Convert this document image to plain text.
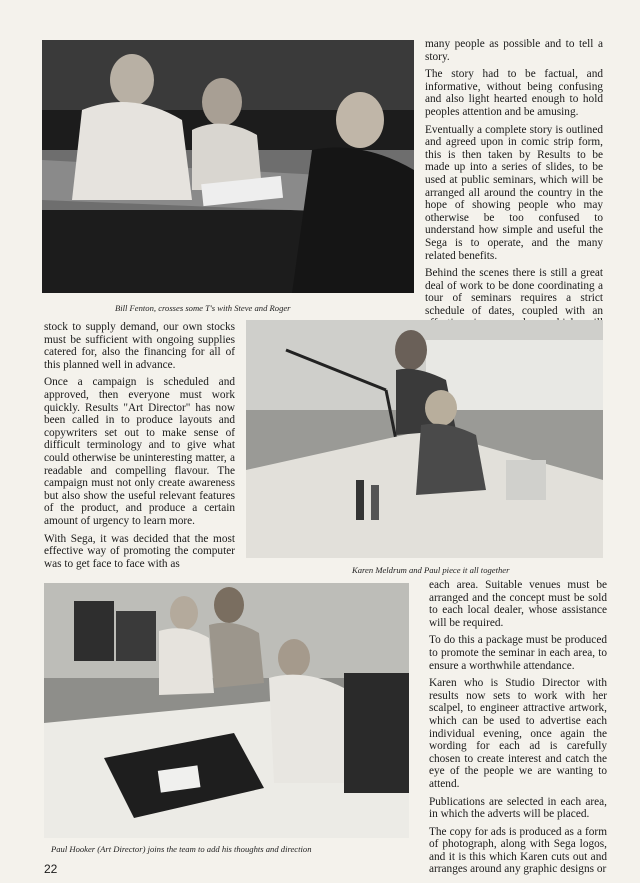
Bill Fenton, crosses some T's with Steve and Roger

many people as possible and to tell a story.

The story had to be factual, and informative, without being confusing and also light hearted enough to hold peoples attention and be amusing.

Eventually a complete story is outlined and agreed upon in comic strip form, this is then taken by Results to be made up into a series of slides, to be used at public seminars, which will be arranged all around the country in the hope of showing people who may otherwise be too confused to understand how simple and useful the Sega is to operate, and the many related benefits.

Behind the scenes there is still a great deal of work to be done coordinating a tour of seminars requires a strict schedule of dates, coupled with an

stock to supply demand, our own stocks must be sufficient with ongoing supplies catered for, also the financing for all of this planned well in advance.

Once a campaign is scheduled and approved, then everyone must work quickly. Results "Art Director" has now been called in to produce layouts and copywriters set out to make sense of difficult terminology and to give what could otherwise be uninteresting matter, a readable and compelling flavour. The campaign must not only create awareness but also show the useful relevant features of the product, and produce a certain amount of urgency to learn more.

With Sega, it was decided that the most effective way of promoting the computer was to get face to face with as

Karen Meldrum and Paul piece it all together
Paul Hooker (Art Director) joins the team to add his thoughts and direction

each area. Suitable venues must be arranged and the concept must be sold to each local dealer, whose assistance will be required.

To do this a package must be produced to promote the seminar in each area, to ensure a worthwhile attendance.

Karen who is Studio Director with results now sets to work with her scalpel, to engineer attractive artwork, which can be used to advertise each individual evening, once again the wording for each ad is carefully chosen to create interest and catch the eye of the people we are wanting to attend.

Publications are selected in each area, in which the adverts will be placed.

The copy for ads is produced as a form of photograph, along with Sega logos, and it is this which Karen cuts out and arranges around any graphic designs or

22
